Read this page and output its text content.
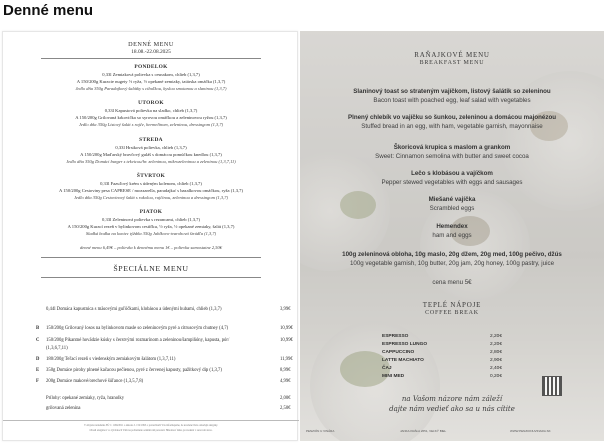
Denné menu
DENNÉ MENU
18.08.-22.08.2025
PONDELOK
0,33l Zemiaková polievka s cesnakom, chlieb (1,3,7)
A 150/200g Kuracie nugety ½ ryža, ½ opekané zemiaky, tatárska omáčka (1,3,7)
Jedlo dňa 350g Paradajkový šalátky s cibuľkou, kyslou smotanou a slaninou (1,3,7)
UTOROK
0,33l Kapustová polievka na sladko, chlieb (1,3,7)
A 150/200g Grilovaná krkovička so syrovou omáčkou a zeleninovou ryžou (1,3,7)
Jedlo dňa 350g Listový šalát s rajče, hermelínom, zeleninou, dressingom (1,3,7)
STREDA
0,33l Hrstková polievka, chlieb (1,3,7)
A 150/200g Maďarský bravčový guláš s domácou pomúčkou knedlou (1,3,7)
Jedlo dňa 350g Domáci burger s tekvicou/hr. zeleninou, mikrozeleninou a zeleninou (1,3,7,11)
ŠTVRTOK
0,33l Fazuľový krém s údeným kolenom, chlieb (1,3,7)
A 150/200g Cestoviny pesa CAPRESE / mozzarella, paradajka/ s bazalkovou omáčkou, ryža (1,3,7)
Jedlo dňa 350g Cestovinový šalát s rukolou, rajčinou, zeleninou a dressingom (1,3,7)
PIATOK
0,33l Zeleninová polievka s rezancami, chlieb (1,3,7)
A 150/200g Kurací rezeň v bylinkovom cestíčku, ½ ryža, ½ opekané zemiaky, šalát (1,3,7)
Sladká bodka na koniec týždňa 350g Jablkovo-tvarohová štrúdľa (1,3,7)
denné menu 6,49€ – polievka k dennému menu 1€ – polievka samostatne 2,50€
ŠPECIÁLNE MENU
0,44l Domáca kapustnica s mäsovými guľôčkami, klobásou a údenými hubami, chlieb (1,3,7)	3,99€
B 150/200g Grilovaný losos na bylinkovom masle so zeleninovým pyré a citrusovým chutney (4,7)	10,99€
C 150/200g Pikantné hovädzie kúsky s čerstvými rozmarínom a zeleninou/šampiňóny, kapusta, pór/	10,99€
(1,3,6,7,11)
D 180/200g Teľací rezeň s viedenským zemiakovým šalátom (1,3,7,11)	11,99€
E 350g Domáce pirohy plnené kačacou pečienou, pyré z červenej kapusty, pažítkový dip (1,3,7)	8,99€
F 200g Domáce makové/orechové šúľance (1,3,5,7,8)	4,99€
Prílohy: opekané zemiaky, ryža, hranolky	2,00€
grilovaná zelenina	2,50€
V zmysle nariadenia EÚ č. 1169/2011 a zákona č. 152/1995 o potravinách Vás informujeme, že uvedené čísla označujú alergény.
Obsah alergénov vo výrobkoch Vám na požiadanie oznámi náš personál. Hmotnosť mäsa je uvedená v surovom stave.
RAŇAJKOVÉ MENU
BREAKFAST MENU
Slaninový toast so strateným vajíčkom, listový šalátik so zeleninou
Bacon toast with poached egg, leaf salad with vegetables
Plnený chlebík vo vajíčku so šunkou, zeleninou a domácou majonézou
Stuffed bread in an egg, with ham, vegetable garnish, mayonnaise
Škoricová krupica s maslom a grankom
Sweet: Cinnamon semolina with butter and sweet cocoa
Lečo s klobásou a vajíčkom
Pepper stewed vegetables with eggs and sausages
Miešané vajíčka
Scrambled eggs
Hemendex
ham and eggs
100g zeleninová obloha, 10g maslo, 20g džem, 20g med, 100g pečivo, džús
100g vegetable garnish, 10g butter, 20g jam, 20g honey, 100g pastry, juice
cena menu 5€
TEPLÉ NÁPOJE
COFFEE BREAK
ESPRESSO	2,20€
ESPRESSO LUNGO	2,20€
CAPPUCCINO	2,80€
LATTE MACHIATO	2,90€
ČAJ	2,40€
MINI MED	0,20€
na Vašom názore nám záleží
dajte nám vedieť ako sa u nás cítite
PENZIÓN U VINÁRA	JANKA KRÁĽA 2651, VEĽKÝ BIEL	WWW.PENZIONUVINARA.SK
